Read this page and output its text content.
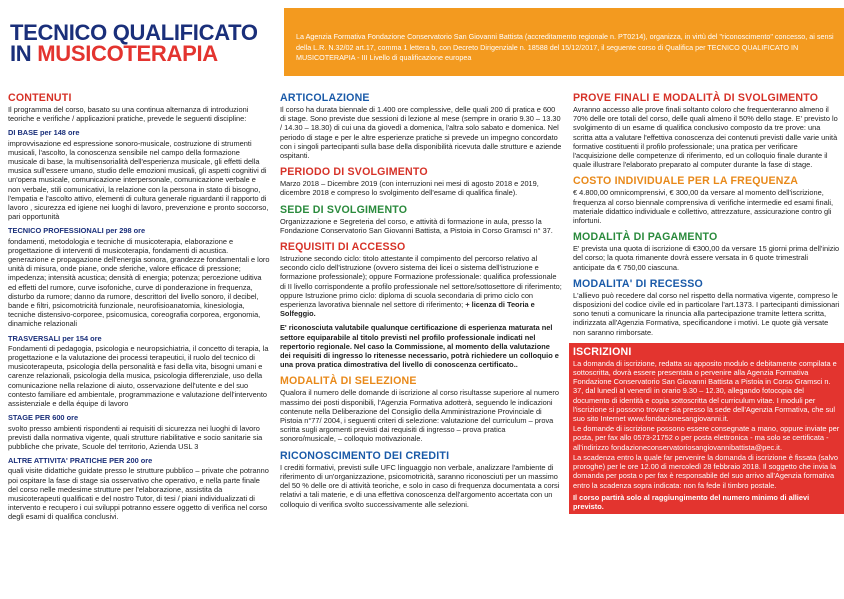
TECNICO QUALIFICATO
IN MUSICOTERAPIA
La Agenzia Formativa Fondazione Conservatorio San Giovanni Battista (accreditamento regionale n. PT0214), organizza, in virtù del "riconoscimento" concesso, ai sensi della L.R. N.32/02 art.17, comma 1 lettera b, con Decreto Dirigenziale n. 18588 del 15/12/2017, il seguente corso di Qualifica per TECNICO QUALIFICATO IN MUSICOTERAPIA - III Livello di qualificazione europea
CONTENUTI
Il programma del corso, basato su una continua alternanza di introduzioni teoriche e verifiche / applicazioni pratiche, prevede le seguenti discipline:
DI BASE per 148 ore
improvvisazione ed espressione sonoro-musicale, costruzione di strumenti musicali, l'ascolto, la conoscenza sensibile nel campo della formazione musicale di base, la multisensorialità dell'esperienza musicale, gli effetti della musica sull'essere umano, studio delle emozioni musicali, gli aspetti cognitivi di un'opera musicale, comunicazione interpersonale, comunicazione verbale e non verbale, stili comunicativi, la relazione con la persona in stato di bisogno, l'empatia e l'ascolto attivo, elementi di cultura generale riguardanti il rapporto di lavoro , sicurezza ed igiene nei luoghi di lavoro, prevenzione e pronto soccorso, pari opportunità
TECNICO PROFESSIONALI per 298 ore
fondamenti, metodologia e tecniche di musicoterapia, elaborazione e progettazione di interventi di musicoterapia, fondamenti di acustica. generazione e propagazione dell'energia sonora, grandezze fondamentali e loro unità di misura, onde piane, onde sferiche, valore efficace di pressione; impedenza; intensità acustica; densità di energia; potenza; percezione uditiva ed effetti del rumore, curve isofoniche, curve di ponderazione in frequenza, disturbo da rumore; danno da rumore, descrittori del livello sonoro, il decibel, bande e filtri, psicomotricità funzionale, neurofisioanatomia, kinesiologia, tecniche distensivo-corporee, psicomusica, coreografia corporea, ergonomia, dinamiche relazionali
TRASVERSALI per 154 ore
Fondamenti di pedagogia, psicologia e neuropsichiatria, il concetto di terapia, la progettazione e la valutazione dei processi terapeutici, il ruolo del tecnico di musicoterapeuta, psicologia della personalità e fasi della vita, bisogni umani e carenze relazionali, psicologia della musica, psicologia differenziale, uso della comunicazione nella relazione di aiuto, osservazione dell'utente e del suo contesto familiare ed ambientale, programmazione e valutazione dell'intervento assistenziale e della équipe di lavoro
STAGE PER 600 ore
svolto presso ambienti rispondenti ai requisiti di sicurezza nei luoghi di lavoro previsti dalla normativa vigente, quali strutture riabilitative e socio sanitarie sia pubbliche che private, Scuole del territorio, Azienda USL 3
ALTRE ATTIVITA' PRATICHE PER 200 ore
quali visite didattiche guidate presso le strutture pubblico – private che potranno poi ospitare la fase di stage sia osservativo che operativo, e nella parte finale del corso nelle medesime strutture per l'elaborazione, assistita da musicoterapeuti qualificati e del nostro Tutor, di tesi / piani individualizzati di intervento e recupero i cui sviluppi potranno essere oggetto di verifica nel corso degli esami di qualifica conclusivi.
ARTICOLAZIONE
Il corso ha durata biennale di 1.400 ore complessive, delle quali 200 di pratica e 600 di stage. Sono previste due sessioni di lezione al mese (sempre in orario 9.30 – 13.30 / 14.30 – 18.30) di cui una da giovedì a domenica, l'altra solo sabato e domenica. Nel periodo di stage e per le altre esperienze pratiche si prevede un impegno concordato con i singoli partecipanti sulla base della disponibilità ricevuta dalle strutture e aziende ospitanti.
PERIODO DI SVOLGIMENTO
Marzo 2018 – Dicembre 2019 (con interruzioni nei mesi di agosto 2018 e 2019, dicembre 2018 e compreso lo svolgimento dell'esame di qualifica finale).
SEDE DI SVOLGIMENTO
Organizzazione e Segreteria del corso, e attività di formazione in aula, presso la Fondazione Conservatorio San Giovanni Battista, a Pistoia in Corso Gramsci n° 37.
REQUISITI DI ACCESSO
Istruzione secondo ciclo: titolo attestante il compimento del percorso relativo al secondo ciclo dell'istruzione (ovvero sistema dei licei o sistema dell'istruzione e formazione professionale); oppure Formazione professionale: qualifica professionale di II livello corrispondente a profilo professionale nel settore/sottosettore di riferimento; oppure Istruzione primo ciclo: diploma di scuola secondaria di primo ciclo con esperienza lavorativa biennale nel settore di riferimento; + licenza di Teoria e Solfeggio.
E' riconosciuta valutabile qualunque certificazione di esperienza maturata nel settore equiparabile al titolo previsti nel profilo professionale indicati nel repertorio regionale. Nel caso la Commissione, al momento della valutazione dei requisiti di ingresso lo ritenesse necessario, potrà richiedere un colloquio e una prova pratica dimostrativa del livello di conoscenza certificato..
MODALITÀ DI SELEZIONE
Qualora il numero delle domande di iscrizione al corso risultasse superiore al numero massimo dei posti disponibili, l'Agenzia Formativa adotterà, seguendo le indicazioni contenute nella Deliberazione del Consiglio della Amministrazione Provinciale di Pistoia n°77/ 2004, i seguenti criteri di selezione: valutazione del curriculum – prova scritta sugli argomenti previsti dai requisiti di ingresso – prova pratica sonoro/musicale, – colloquio motivazionale.
RICONOSCIMENTO DEI CREDITI
I crediti formativi, previsti sulle UFC linguaggio non verbale, analizzare l'ambiente di riferimento di un'organizzazione, psicomotricità, saranno riconosciuti per un massimo del 50 % delle ore di attività teoriche, e solo in caso di frequenza documentata a corsi relativi a tali materie, e di una effettiva conoscenza dell'argomento accertata con un colloquio di verifica svolto successivamente alle selezioni.
PROVE FINALI E MODALITÀ DI SVOLGIMENTO
Avranno accesso alle prove finali soltanto coloro che frequenteranno almeno il 70% delle ore totali del corso, delle quali almeno il 50% dello stage. E' previsto lo svolgimento di un esame di qualifica conclusivo composto da tre prove: una scritta atta a valutare l'effettiva conoscenza dei contenuti previsti dalle varie unità formative costituenti il profilo professionale; una pratica per verificare l'acquisizione delle competenze di riferimento, ed un colloquio finale durante il quale illustrare l'elaborato preparato al computer durante la fase di stage.
COSTO INDIVIDUALE PER LA FREQUENZA
€ 4.800,00 omnicomprensivi, € 300,00 da versare al momento dell'iscrizione, frequenza al corso biennale comprensiva di verifiche intermedie ed esami finali, materiale didattico individuale e collettivo, attrezzature, assicurazione contro gli infortuni.
MODALITÀ DI PAGAMENTO
E' prevista una quota di iscrizione di €300,00 da versare 15 giorni prima dell'inizio del corso; la quota rimanente dovrà essere versata in 6 quote trimestrali anticipate da € 750,00 ciascuna.
MODALITA' DI RECESSO
L'allievo può recedere dal corso nel rispetto della normativa vigente, compreso le disposizioni del codice civile ed in particolare l'art.1373. I partecipanti dimissionari sono tenuti a comunicare la rinuncia alla partecipazione tramite lettera scritta, indirizzata all'Agenzia Formativa, specificandone i motivi. Le quote già versate non saranno rimborsate.
ISCRIZIONI
La domanda di iscrizione, redatta su apposito modulo e debitamente compilata e sottoscritta, dovrà essere presentata o pervenire alla Agenzia Formativa Fondazione Conservatorio San Giovanni Battista a Pistoia in Corso Gramsci n. 37, dal lunedì al venerdì in orario 9.30 – 12.30, allegando fotocopia del documento di identità e copia sottoscritta del curriculum vitae. I moduli per l'iscrizione si possono trovare sia presso la sede dell'Agenzia Formativa, che sul suo sito Internet www.fondazionesangiovanni.it.
Le domande di iscrizione possono essere consegnate a mano, oppure inviate per posta, per fax allo 0573-21752 o per posta elettronica - ma solo se certificata - all'indirizzo fondazioneconservatoriosangiovannibattista@pec.it.
La scadenza entro la quale far pervenire la domanda di iscrizione è fissata (salvo proroghe) per le ore 12.00 di mercoledì 28 febbraio 2018. Il soggetto che invia la domanda per posta o per fax è responsabile del suo arrivo all'Agenzia formativa entro la scadenza sopra indicata: non fa fede il timbro postale.
Il corso partirà solo al raggiungimento del numero minimo di allievi previsto.
